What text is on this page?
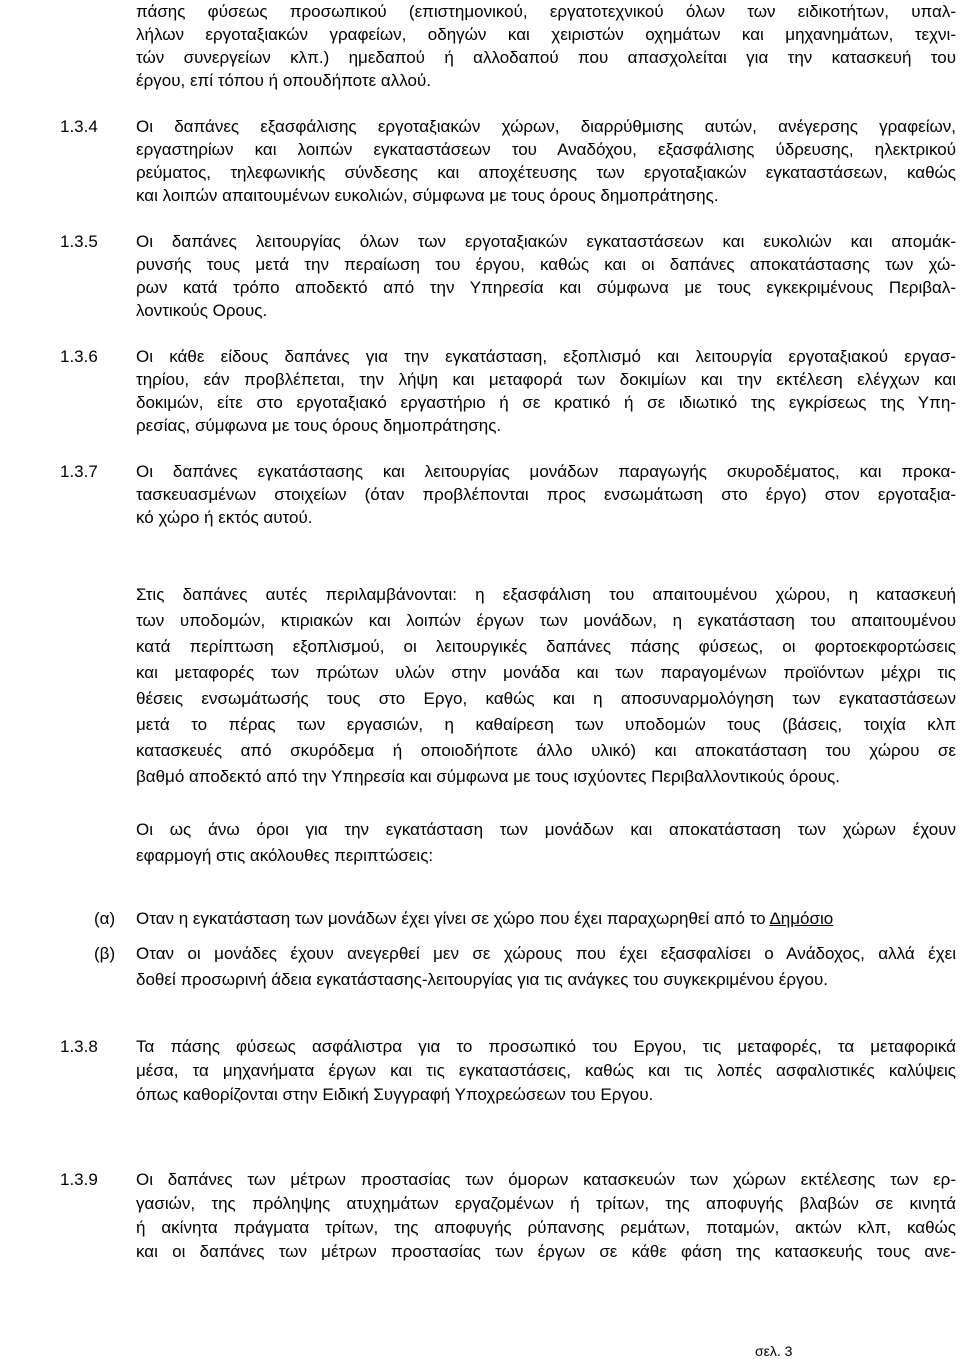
πάσης φύσεως προσωπικού (επιστημονικού, εργατοτεχνικού όλων των ειδικοτήτων, υπαλ-

λήλων εργοταξιακών γραφείων, οδηγών και χειριστών οχημάτων και μηχανημάτων, τεχνι-

τών συνεργείων κλπ.) ημεδαπού ή αλλοδαπού που απασχολείται για την κατασκευή του

έργου, επί τόπου ή οπουδήποτε αλλού.

1.3.4 Οι δαπάνες εξασφάλισης εργοταξιακών χώρων, διαρρύθμισης αυτών, ανέγερσης γραφείων,

εργαστηρίων και λοιπών εγκαταστάσεων του Αναδόχου, εξασφάλισης ύδρευσης, ηλεκτρικού

ρεύματος, τηλεφωνικής σύνδεσης και αποχέτευσης των εργοταξιακών εγκαταστάσεων, καθώς

και λοιπών απαιτουμένων ευκολιών, σύμφωνα με τους όρους δημοπράτησης.

1.3.5 Οι δαπάνες λειτουργίας όλων των εργοταξιακών εγκαταστάσεων και ευκολιών και απομάκ-

ρυνσής τους μετά την περαίωση του έργου, καθώς και οι δαπάνες αποκατάστασης των χώ-

ρων κατά τρόπο αποδεκτό από την Υπηρεσία και σύμφωνα με τους εγκεκριμένους Περιβαλ-

λοντικούς Ορους.

1.3.6 Οι κάθε είδους δαπάνες για την εγκατάσταση, εξοπλισμό και λειτουργία εργοταξιακού εργασ-

τηρίου, εάν προβλέπεται, την λήψη και μεταφορά των δοκιμίων και την εκτέλεση ελέγχων και

δοκιμών, είτε στο εργοταξιακό εργαστήριο ή σε κρατικό ή σε ιδιωτικό της εγκρίσεως της Υπη-

ρεσίας, σύμφωνα με τους όρους δημοπράτησης.

1.3.7 Οι δαπάνες εγκατάστασης και λειτουργίας μονάδων παραγωγής σκυροδέματος, και προκα-

τασκευασμένων στοιχείων (όταν προβλέπονται προς ενσωμάτωση στο έργο) στον εργοταξια-

κό χώρο ή εκτός αυτού.

Στις δαπάνες αυτές περιλαμβάνονται: η εξασφάλιση του απαιτουμένου χώρου, η κατασκευή

των υποδομών, κτιριακών και λοιπών έργων των μονάδων, η εγκατάσταση του απαιτουμένου

κατά περίπτωση εξοπλισμού, οι λειτουργικές δαπάνες πάσης φύσεως, οι φορτοεκφορτώσεις

και μεταφορές των πρώτων υλών στην μονάδα και των παραγομένων προϊόντων μέχρι τις

θέσεις ενσωμάτωσής τους στο Εργο, καθώς και η αποσυναρμολόγηση των εγκαταστάσεων

μετά το πέρας των εργασιών, η καθαίρεση των υποδομών τους (βάσεις, τοιχία κλπ

κατασκευές από σκυρόδεμα ή οποιοδήποτε άλλο υλικό) και αποκατάσταση του χώρου σε

βαθμό αποδεκτό από την Υπηρεσία και σύμφωνα με τους ισχύοντες Περιβαλλοντικούς όρους.

Οι ως άνω όροι για την εγκατάσταση των μονάδων και αποκατάσταση των χώρων έχουν

εφαρμογή στις ακόλουθες περιπτώσεις:

(α) Οταν η εγκατάσταση των μονάδων έχει γίνει σε χώρο που έχει παραχωρηθεί από το Δημόσιο

(β) Οταν οι μονάδες έχουν ανεγερθεί μεν σε χώρους που έχει εξασφαλίσει ο Ανάδοχος, αλλά έχει

δοθεί προσωρινή άδεια εγκατάστασης-λειτουργίας για τις ανάγκες του συγκεκριμένου έργου.

1.3.8 Τα πάσης φύσεως ασφάλιστρα για το προσωπικό του Εργου, τις μεταφορές, τα μεταφορικά

μέσα, τα μηχανήματα έργων και τις εγκαταστάσεις, καθώς και τις λοπές ασφαλιστικές καλύψεις

όπως καθορίζονται στην Ειδική Συγγραφή Υποχρεώσεων του Εργου.

1.3.9 Οι δαπάνες των μέτρων προστασίας των όμορων κατασκευών των χώρων εκτέλεσης των ερ-

γασιών, της πρόληψης ατυχημάτων εργαζομένων ή τρίτων, της αποφυγής βλαβών σε κινητά

ή ακίνητα πράγματα τρίτων, της αποφυγής ρύπανσης ρεμάτων, ποταμών, ακτών κλπ, καθώς

και οι δαπάνες των μέτρων προστασίας των έργων σε κάθε φάση της κατασκευής τους ανε-

σελ. 3
